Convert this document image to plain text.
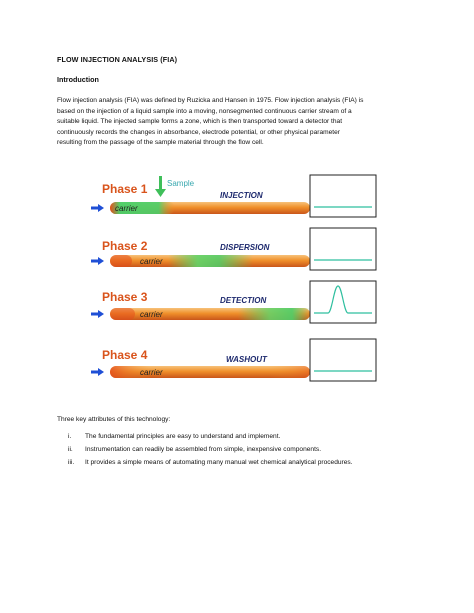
FLOW INJECTION ANALYSIS (FIA)
Introduction
Flow injection analysis (FIA) was defined by Ruzicka and Hansen in 1975. Flow injection analysis (FIA) is
based on the injection of a liquid sample into a moving, nonsegmented continuous carrier stream of a
suitable liquid. The injected sample forms a zone, which is then transported toward a detector that
continuously records the changes in absorbance, electrode potential, or other physical parameter
resulting from the passage of the sample material through the flow cell.
Phase 1 Sample
INJECTION
carrier
Phase 2	DISPERSION
carrier
Phase 3	DETECTION
carrier
Phase 4	WASHOUT
carrier
Three key attributes of this technology:
i. The fundamental principles are easy to understand and implement.
ii. Instrumentation can readily be assembled from simple, inexpensive components.
iii. It provides a simple means of automating many manual wet chemical analytical procedures.
